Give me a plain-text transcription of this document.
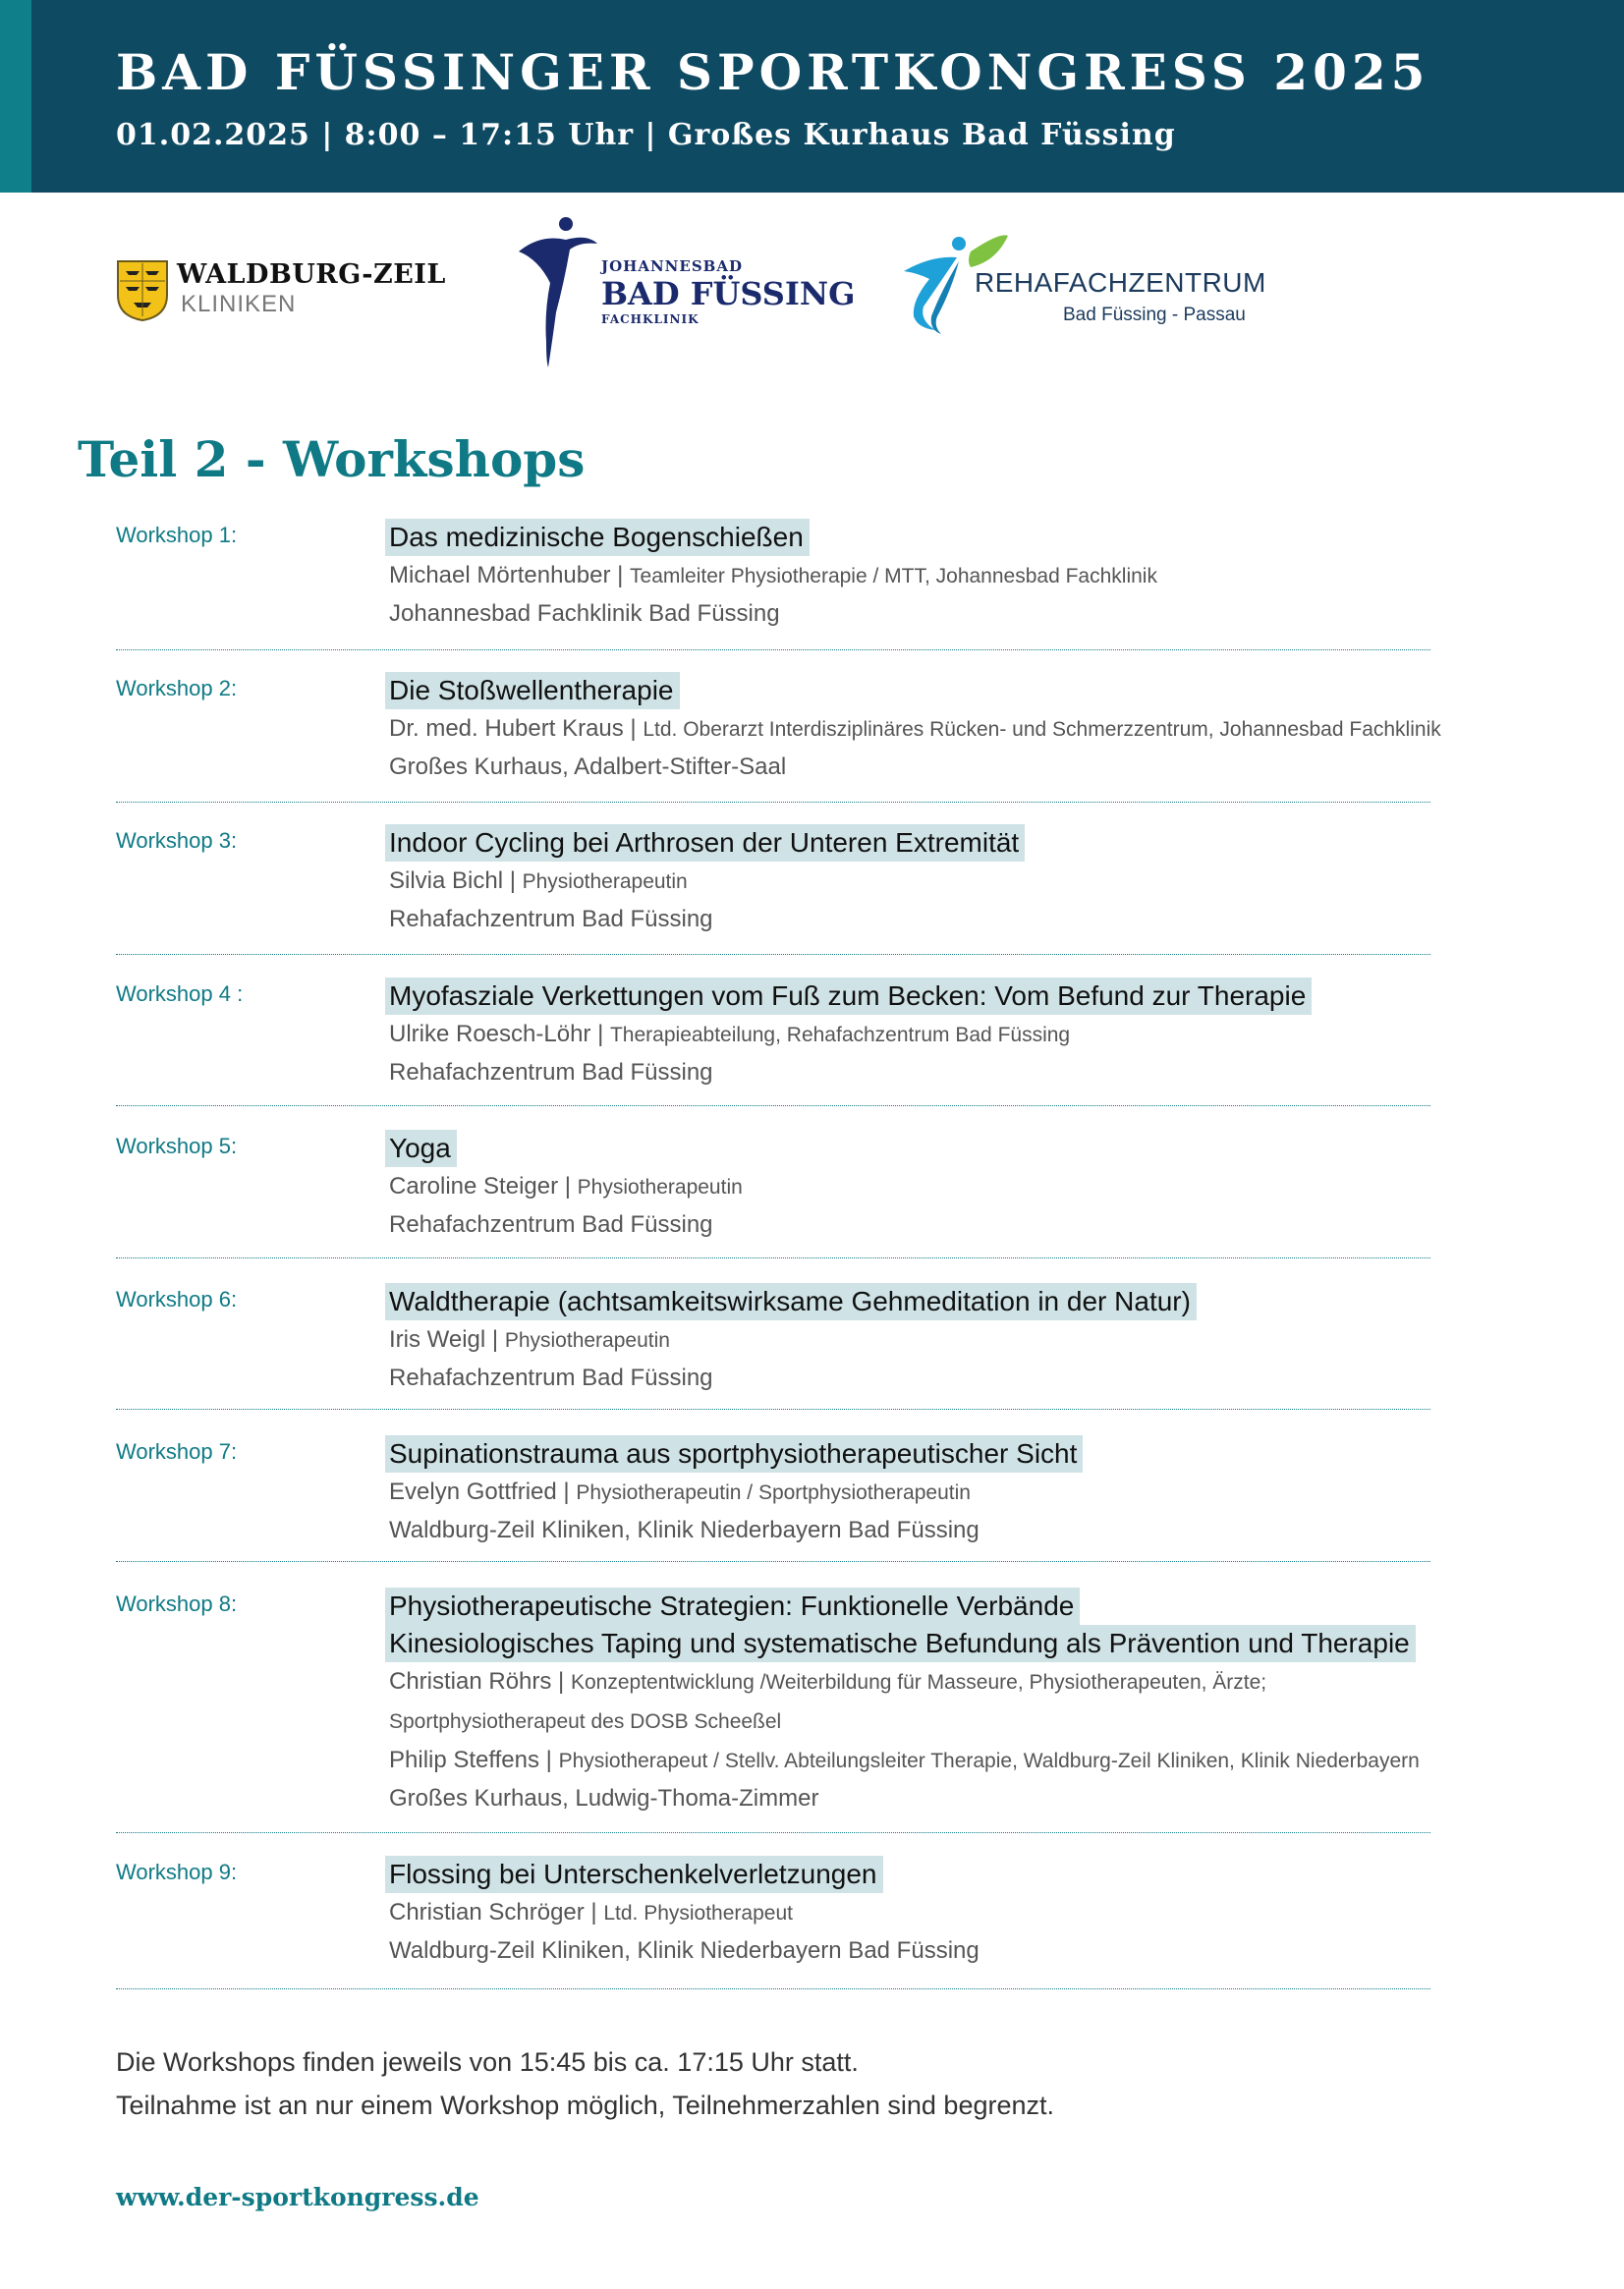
BAD FÜSSINGER SPORTKONGRESS 2025
01.02.2025 | 8:00 – 17:15 Uhr | Großes Kurhaus Bad Füssing
WALDBURG-ZEIL
KLINIKEN
JOHANNESBAD
BAD FÜSSING
FACHKLINIK
REHAFACHZENTRUM
Bad Füssing - Passau
Teil 2 - Workshops
Workshop 1:	Das medizinische Bogenschießen
Michael Mörtenhuber | Teamleiter Physiotherapie / MTT, Johannesbad Fachklinik
Johannesbad Fachklinik Bad Füssing
Workshop 2:	Die Stoßwellentherapie
Dr. med. Hubert Kraus | Ltd. Oberarzt Interdisziplinäres Rücken- und Schmerzzentrum, Johannesbad Fachklinik
Großes Kurhaus, Adalbert-Stifter-Saal
Workshop 3:	Indoor Cycling bei Arthrosen der Unteren Extremität
Silvia Bichl | Physiotherapeutin
Rehafachzentrum Bad Füssing
Workshop 4 :	Myofasziale Verkettungen vom Fuß zum Becken: Vom Befund zur Therapie
Ulrike Roesch-Löhr | Therapieabteilung, Rehafachzentrum Bad Füssing
Rehafachzentrum Bad Füssing
Workshop 5:	Yoga
Caroline Steiger | Physiotherapeutin
Rehafachzentrum Bad Füssing
Workshop 6:	Waldtherapie (achtsamkeitswirksame Gehmeditation in der Natur)
Iris Weigl | Physiotherapeutin
Rehafachzentrum Bad Füssing
Workshop 7:	Supinationstrauma aus sportphysiotherapeutischer Sicht
Evelyn Gottfried | Physiotherapeutin / Sportphysiotherapeutin
Waldburg-Zeil Kliniken, Klinik Niederbayern Bad Füssing
Workshop 8:	Physiotherapeutische Strategien: Funktionelle Verbände
Kinesiologisches Taping und systematische Befundung als Prävention und Therapie
Christian Röhrs | Konzeptentwicklung /Weiterbildung für Masseure, Physiotherapeuten, Ärzte;
Sportphysiotherapeut des DOSB Scheeßel
Philip Steffens | Physiotherapeut / Stellv. Abteilungsleiter Therapie, Waldburg-Zeil Kliniken, Klinik Niederbayern
Großes Kurhaus, Ludwig-Thoma-Zimmer
Workshop 9:	Flossing bei Unterschenkelverletzungen
Christian Schröger | Ltd. Physiotherapeut
Waldburg-Zeil Kliniken, Klinik Niederbayern Bad Füssing
Die Workshops finden jeweils von 15:45 bis ca. 17:15 Uhr statt.
Teilnahme ist an nur einem Workshop möglich, Teilnehmerzahlen sind begrenzt.
www.der-sportkongress.de
